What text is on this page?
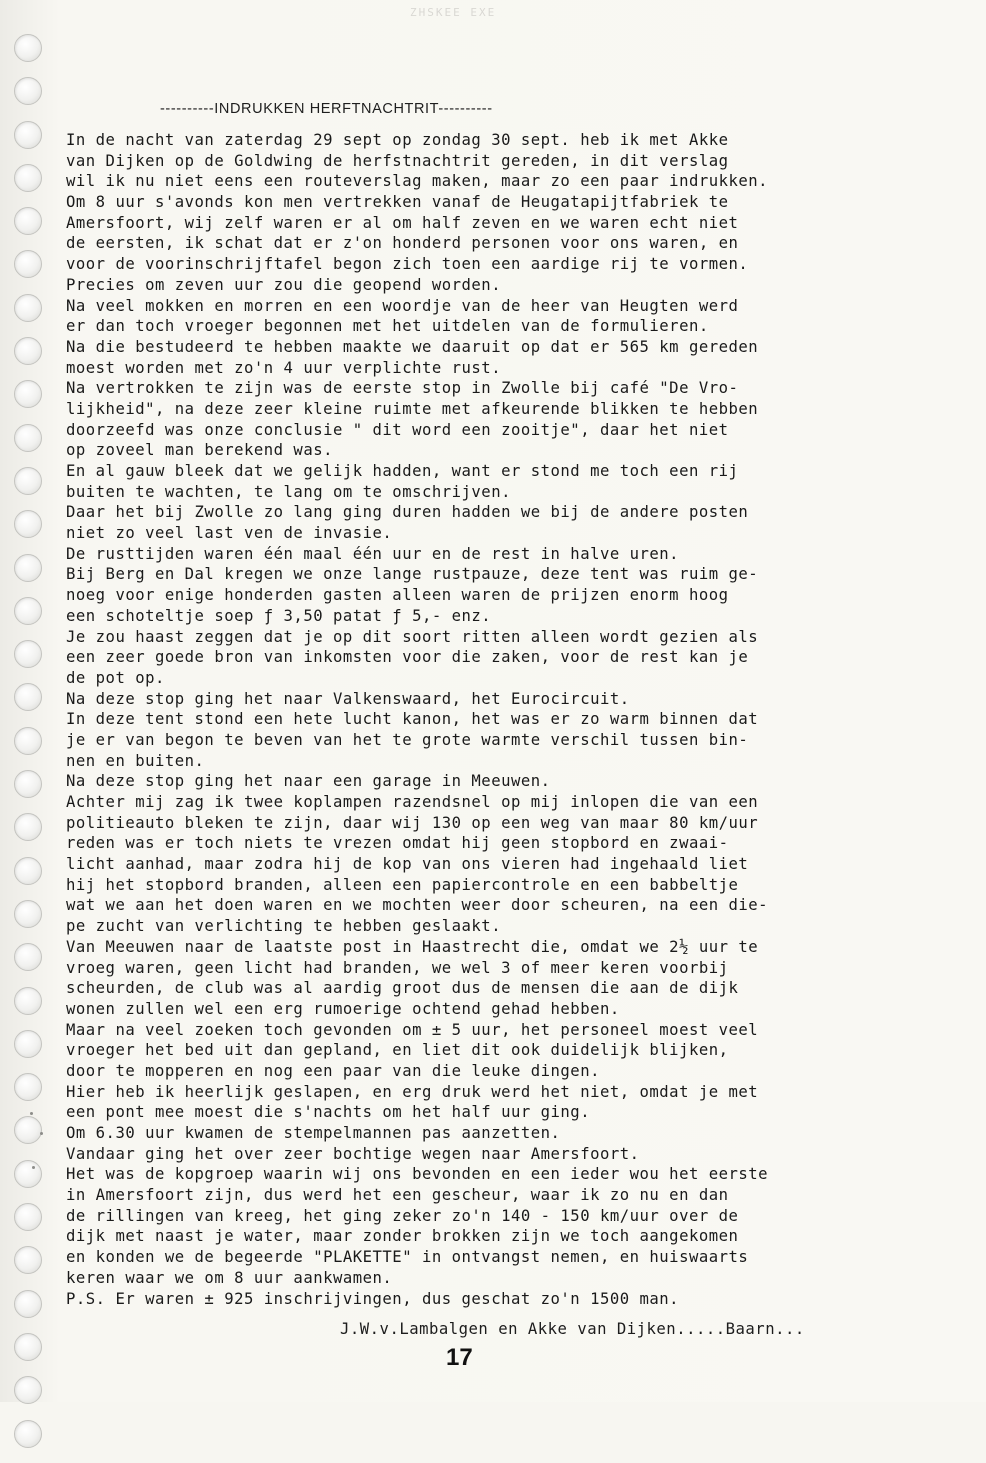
ZHSKEE EXE
----------INDRUKKEN HERFTNACHTRIT----------
In de nacht van zaterdag 29 sept op zondag 30 sept. heb ik met Akke
van Dijken op de Goldwing de herfstnachtrit gereden, in dit verslag
wil ik nu niet eens een routeverslag maken, maar zo een paar indrukken.
Om 8 uur s'avonds kon men vertrekken vanaf de Heugatapijtfabriek te
Amersfoort, wij zelf waren er al om half zeven en we waren echt niet
de eersten, ik schat dat er z'on honderd personen voor ons waren, en
voor de voorinschrijftafel begon zich toen een aardige rij te vormen.
Precies om zeven uur zou die geopend worden.
Na veel mokken en morren en een woordje van de heer van Heugten werd
er dan toch vroeger begonnen met het uitdelen van de formulieren.
Na die bestudeerd te hebben maakte we daaruit op dat er 565 km gereden
moest worden met zo'n 4 uur verplichte rust.
Na vertrokken te zijn was de eerste stop in Zwolle bij café "De Vro-
lijkheid", na deze zeer kleine ruimte met afkeurende blikken te hebben
doorzeefd was onze conclusie " dit word een zooitje", daar het niet
op zoveel man berekend was.
En al gauw bleek dat we gelijk hadden, want er stond me toch een rij
buiten te wachten, te lang om te omschrijven.
Daar het bij Zwolle zo lang ging duren hadden we bij de andere posten
niet zo veel last ven de invasie.
De rusttijden waren één maal één uur en de rest in halve uren.
Bij Berg en Dal kregen we onze lange rustpauze, deze tent was ruim ge-
noeg voor enige honderden gasten alleen waren de prijzen enorm hoog
een schoteltje soep ƒ 3,50 patat ƒ 5,- enz.
Je zou haast zeggen dat je op dit soort ritten alleen wordt gezien als
een zeer goede bron van inkomsten voor die zaken, voor de rest kan je
de pot op.
Na deze stop ging het naar Valkenswaard, het Eurocircuit.
In deze tent stond een hete lucht kanon, het was er zo warm binnen dat
je er van begon te beven van het te grote warmte verschil tussen bin-
nen en buiten.
Na deze stop ging het naar een garage in Meeuwen.
Achter mij zag ik twee koplampen razendsnel op mij inlopen die van een
politieauto bleken te zijn, daar wij 130 op een weg van maar 80 km/uur
reden was er toch niets te vrezen omdat hij geen stopbord en zwaai-
licht aanhad, maar zodra hij de kop van ons vieren had ingehaald liet
hij het stopbord branden, alleen een papiercontrole en een babbeltje
wat we aan het doen waren en we mochten weer door scheuren, na een die-
pe zucht van verlichting te hebben geslaakt.
Van Meeuwen naar de laatste post in Haastrecht die, omdat we 2½ uur te
vroeg waren, geen licht had branden, we wel 3 of meer keren voorbij
scheurden, de club was al aardig groot dus de mensen die aan de dijk
wonen zullen wel een erg rumoerige ochtend gehad hebben.
Maar na veel zoeken toch gevonden om ± 5 uur, het personeel moest veel
vroeger het bed uit dan gepland, en liet dit ook duidelijk blijken,
door te mopperen en nog een paar van die leuke dingen.
Hier heb ik heerlijk geslapen, en erg druk werd het niet, omdat je met
een pont mee moest die s'nachts om het half uur ging.
Om 6.30 uur kwamen de stempelmannen pas aanzetten.
Vandaar ging het over zeer bochtige wegen naar Amersfoort.
Het was de kopgroep waarin wij ons bevonden en een ieder wou het eerste
in Amersfoort zijn, dus werd het een gescheur, waar ik zo nu en dan
de rillingen van kreeg, het ging zeker zo'n 140 - 150 km/uur over de
dijk met naast je water, maar zonder brokken zijn we toch aangekomen
en konden we de begeerde "PLAKETTE" in ontvangst nemen, en huiswaarts
keren waar we om 8 uur aankwamen.
P.S. Er waren ± 925 inschrijvingen, dus geschat zo'n 1500 man.
J.W.v.Lambalgen en Akke van Dijken.....Baarn...
17
